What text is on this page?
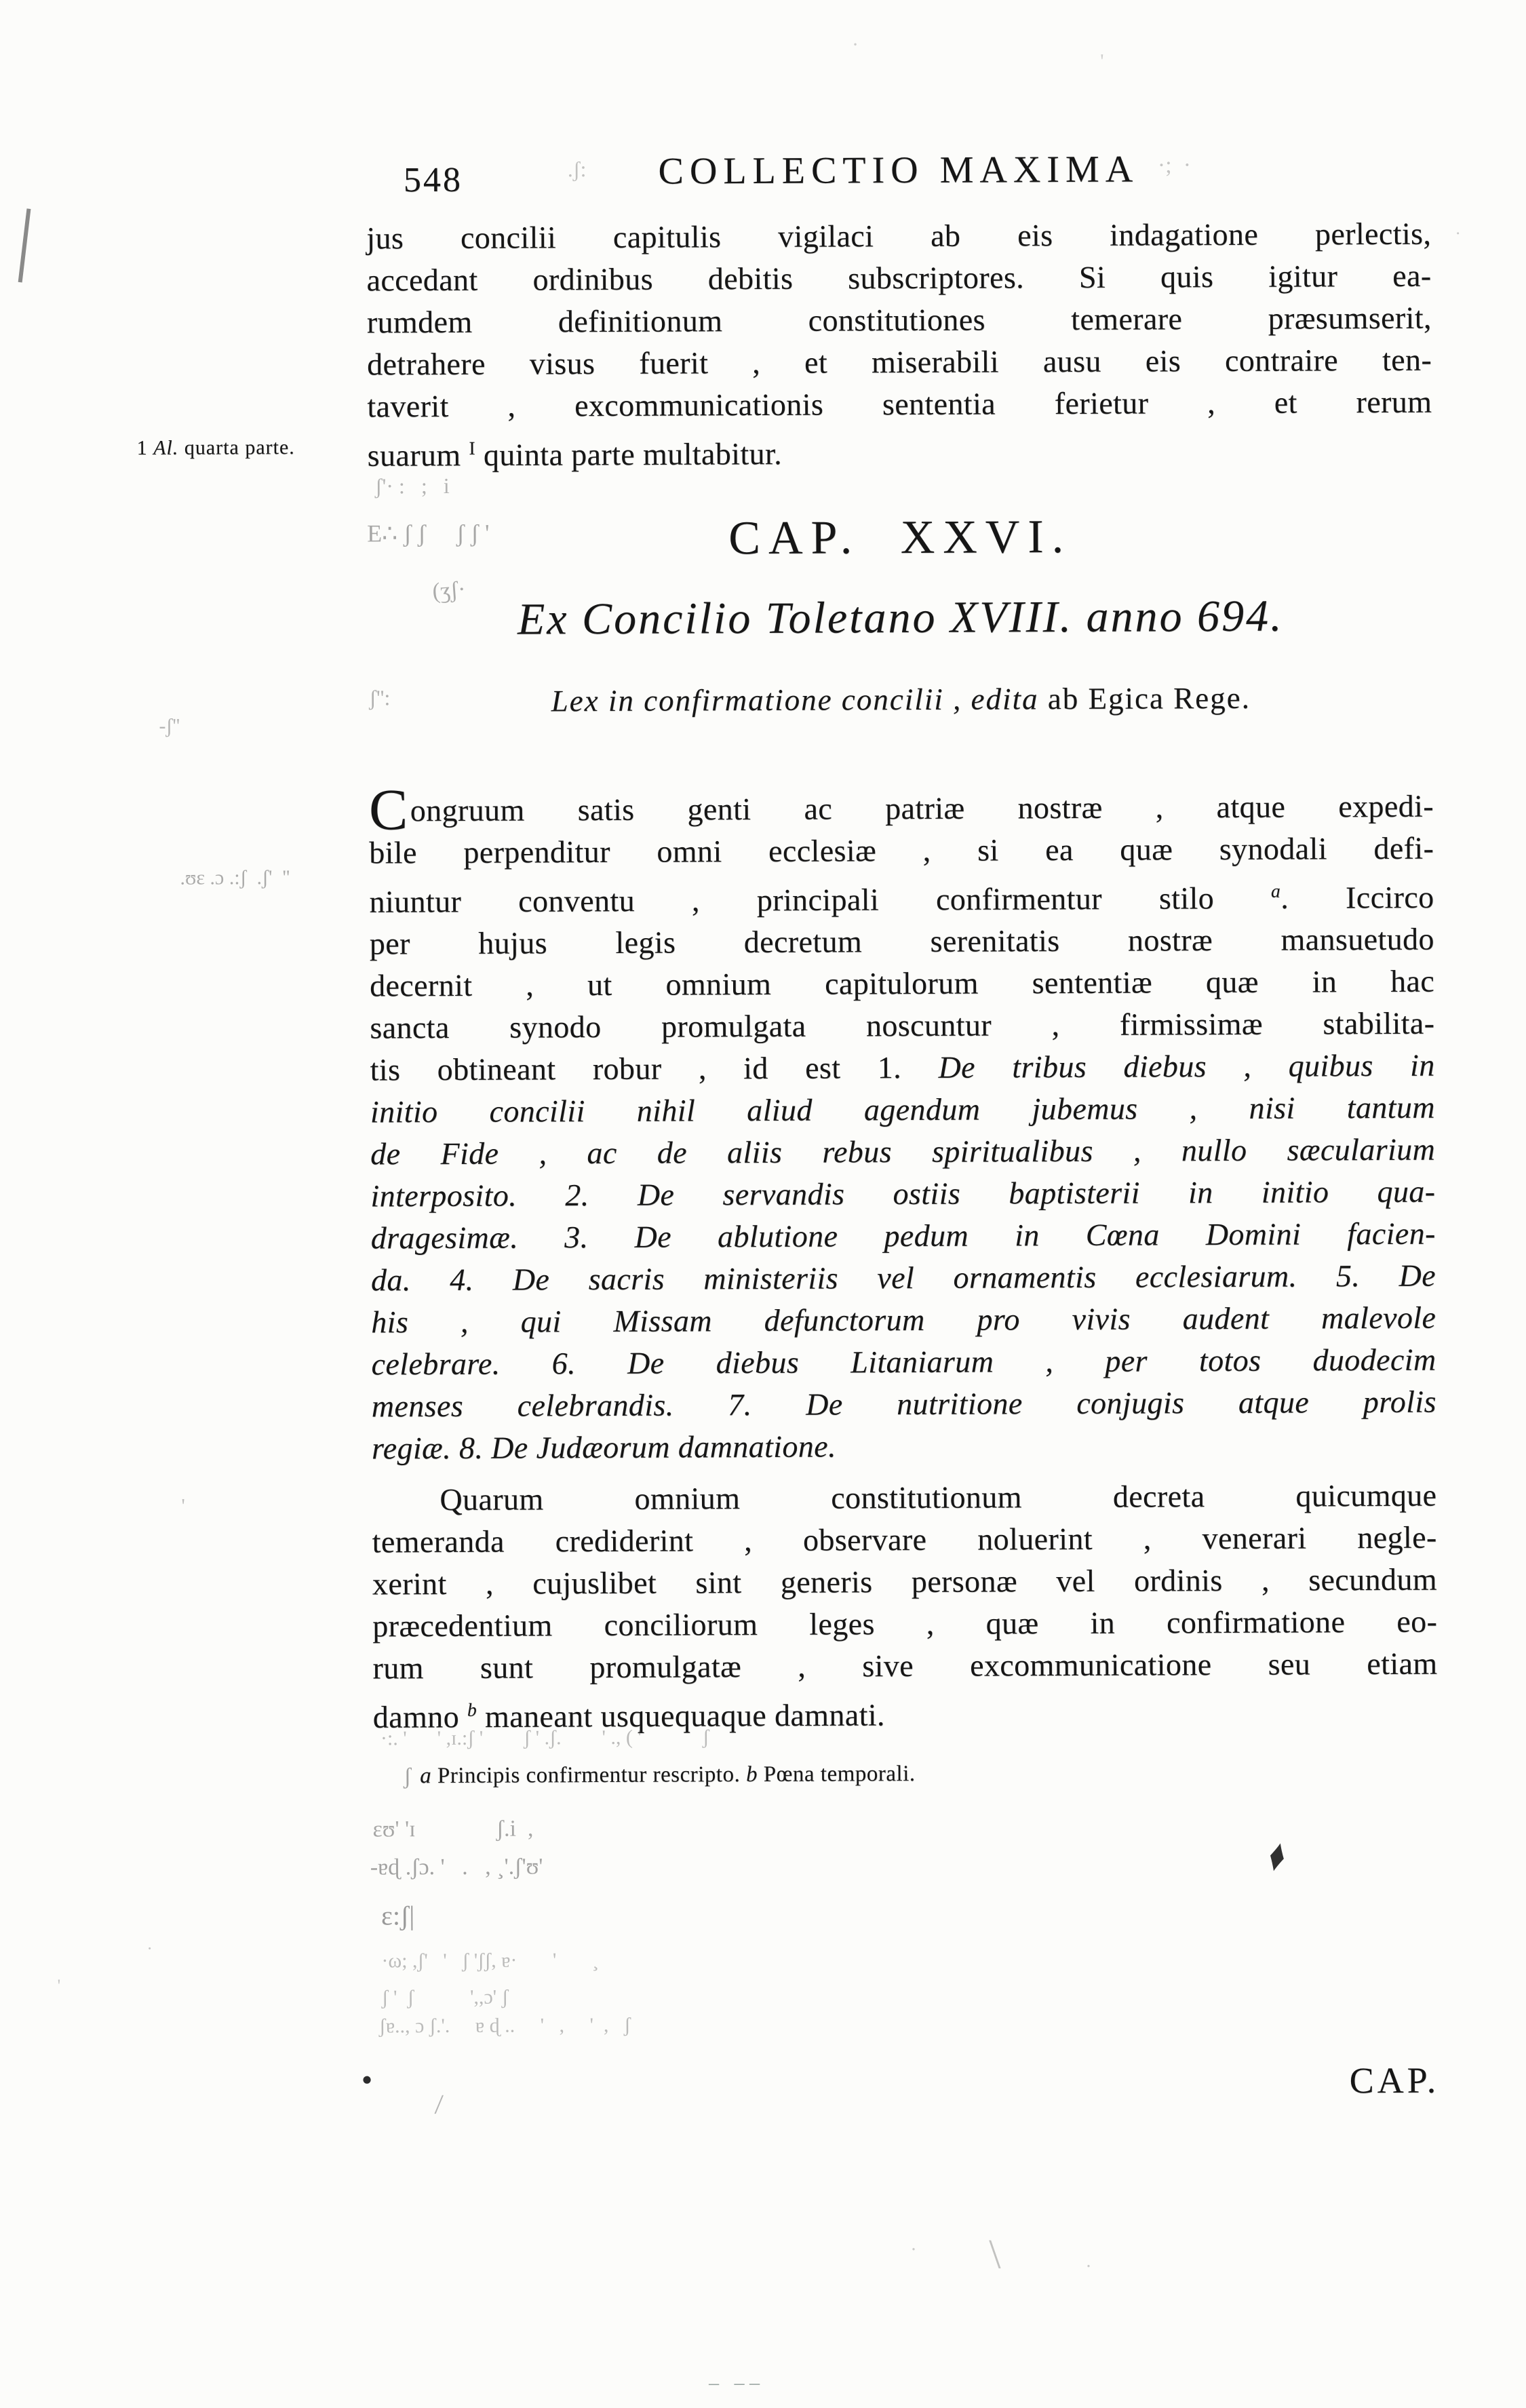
548	COLLECTIO MAXIMA
jus concilii capitulis vigilaci ab eis indagatione perlectis,
accedant ordinibus debitis subscriptores. Si quis igitur ea-
rumdem definitionum constitutiones temerare præsumserit,
detrahere visus fuerit , et miserabili ausu eis contraire ten-
taverit , excommunicationis sententia ferietur , et rerum
suarum $^I$ quinta parte multabitur.
1 Al. quarta parte.
CAP. XXVI.
Ex Concilio Toletano XVIII. anno 694.
Lex in confirmatione concilii , edita ab Egica Rege.
Congruum satis genti ac patriæ nostræ , atque expedi-
bile perpenditur omni ecclesiæ , si ea quæ synodali defi-
niuntur conventu , principali confirmentur stilo $^a$. Iccirco
per hujus legis decretum serenitatis nostræ mansuetudo
decernit , ut omnium capitulorum sententiæ quæ in hac
sancta synodo promulgata noscuntur , firmissimæ stabilita-
tis obtineant robur , id est 1. De tribus diebus , quibus in
initio concilii nihil aliud agendum jubemus , nisi tantum
de Fide , ac de aliis rebus spiritualibus , nullo sæcularium
interposito. 2. De servandis ostiis baptisterii in initio qua-
dragesimæ. 3. De ablutione pedum in Cœna Domini facien-
da. 4. De sacris ministeriis vel ornamentis ecclesiarum. 5. De
his , qui Missam defunctorum pro vivis audent malevole
celebrare. 6. De diebus Litaniarum , per totos duodecim
menses celebrandis. 7. De nutritione conjugis atque prolis
regiæ. 8. De Judæorum damnatione.
Quarum omnium constitutionum decreta quicumque
temeranda crediderint , observare noluerint , venerari negle-
xerint , cujuslibet sint generis personæ vel ordinis , secundum
præcedentium conciliorum leges , quæ in confirmatione eo-
rum sunt promulgatæ , sive excommunicatione seu etiam
damno $^b$ maneant usquequaque damnati.
a Principis confirmentur rescripto. b Pœna temporali.
CAP.
|
·
'
.ʃ:	·;  ·
·
ʃ'· :   ;   i
E∴ ʃ ʃ     ʃ ʃ '
(ʒʃ·
ʃ'':
-ʃ''
.ʊɛ .ɔ .:ʃ  .ʃ'  ''
'
·:. '      ' ,ɪ.:ʃ '        ʃ ' .ʃ.        ' ., ( '            ʃ
ʃ
ɛʊ' 'ɪ              ʃ.i  ,
-ɐɖ .ʃɔ. '   .   , ¸'.ʃ'ʊ'	♦
ɛ:ʃ|
·
·ω; ,ʃ'   '   ʃ 'ʃʃ, ɐ·       '       ¸
'
ʃ '  ʃ           ',,ɔ' ʃ
ʃɐ.., ɔ ʃ.'.     ɐ ɖ ..     '   ,     '  ,   ʃ
●
/
\
·
·
–   – –
